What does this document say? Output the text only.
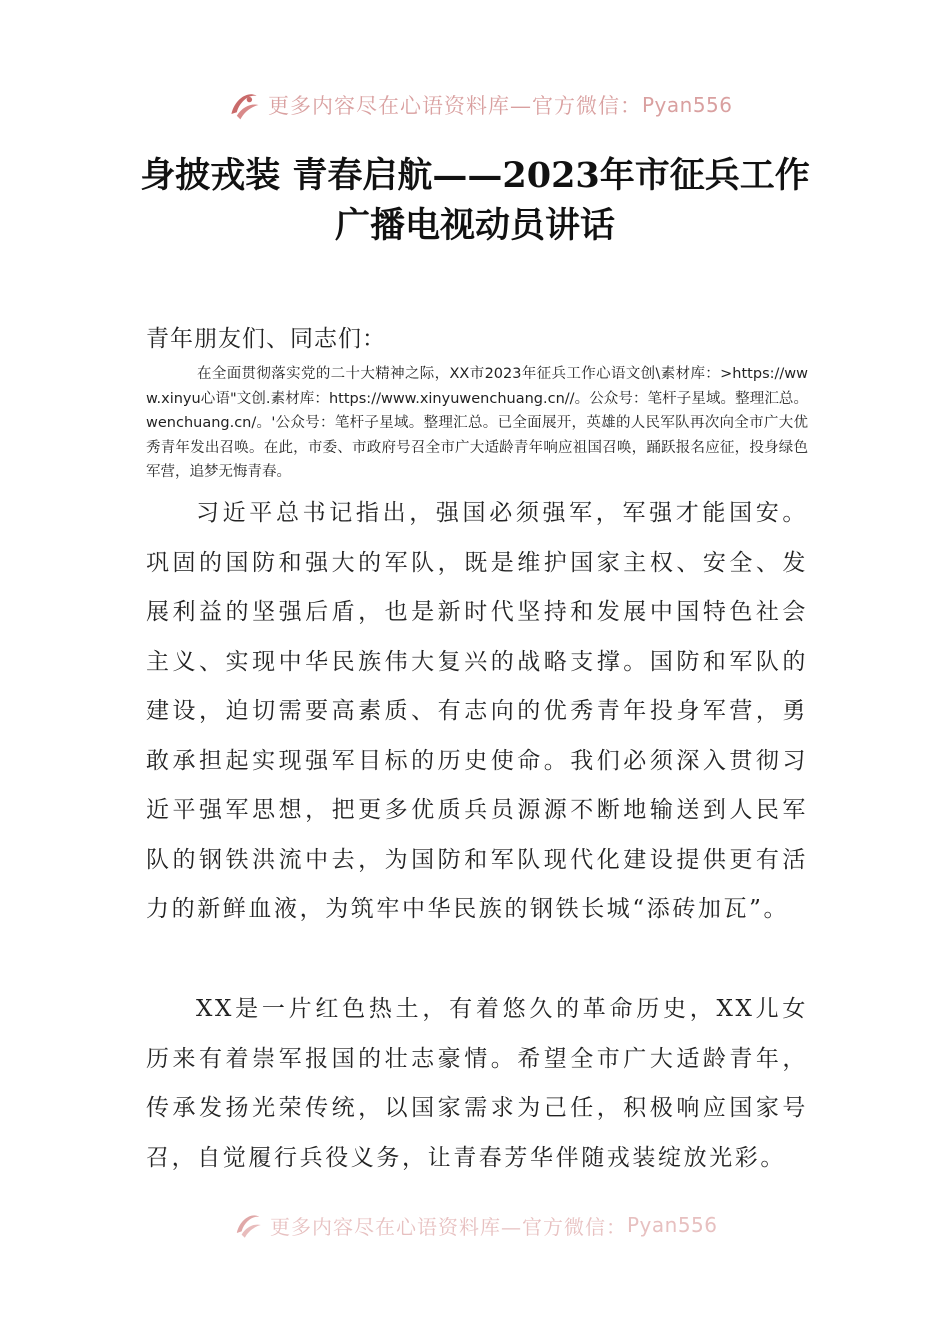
更多内容尽在心语资料库—官方微信： Pyan556
身披戎装 青春启航——2023年市征兵工作
广播电视动员讲话
青年朋友们、同志们：
在全面贯彻落实党的二十大精神之际，XX市2023年征兵工作心语文创\素材库：>https://www.xinyu心语"文创.素材库：https://www.xinyuwenchuang.cn//。公众号：笔杆子星域。整理汇总。wenchuang.cn/。'公众号：笔杆子星域。整理汇总。已全面展开，英雄的人民军队再次向全市广大优秀青年发出召唤。在此，市委、市政府号召全市广大适龄青年响应祖国召唤，踊跃报名应征，投身绿色军营，追梦无悔青春。
习近平总书记指出，强国必须强军，军强才能国安。巩固的国防和强大的军队，既是维护国家主权、安全、发展利益的坚强后盾，也是新时代坚持和发展中国特色社会主义、实现中华民族伟大复兴的战略支撑。国防和军队的建设，迫切需要高素质、有志向的优秀青年投身军营，勇敢承担起实现强军目标的历史使命。我们必须深入贯彻习近平强军思想，把更多优质兵员源源不断地输送到人民军队的钢铁洪流中去，为国防和军队现代化建设提供更有活力的新鲜血液，为筑牢中华民族的钢铁长城“添砖加瓦”。
XX是一片红色热土，有着悠久的革命历史，XX儿女历来有着崇军报国的壮志豪情。希望全市广大适龄青年，传承发扬光荣传统，以国家需求为己任，积极响应国家号召，自觉履行兵役义务，让青春芳华伴随戎装绽放光彩。
更多内容尽在心语资料库—官方微信： Pyan556
